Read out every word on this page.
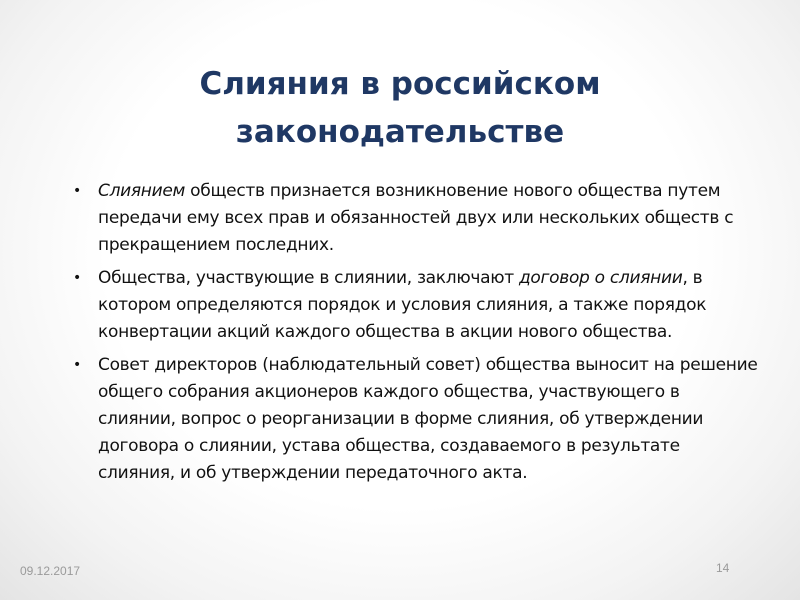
Слияния в российском
законодательстве
• Слиянием обществ признается возникновение нового общества путем передачи ему всех прав и обязанностей двух или нескольких обществ с прекращением последних.
• Общества, участвующие в слиянии, заключают договор о слиянии, в котором определяются порядок и условия слияния, а также порядок конвертации акций каждого общества в акции нового общества.
• Совет директоров (наблюдательный совет) общества выносит на решение общего собрания акционеров каждого общества, участвующего в слиянии, вопрос о реорганизации в форме слияния, об утверждении договора о слиянии, устава общества, создаваемого в результате слияния, и об утверждении передаточного акта.
09.12.2017	14
